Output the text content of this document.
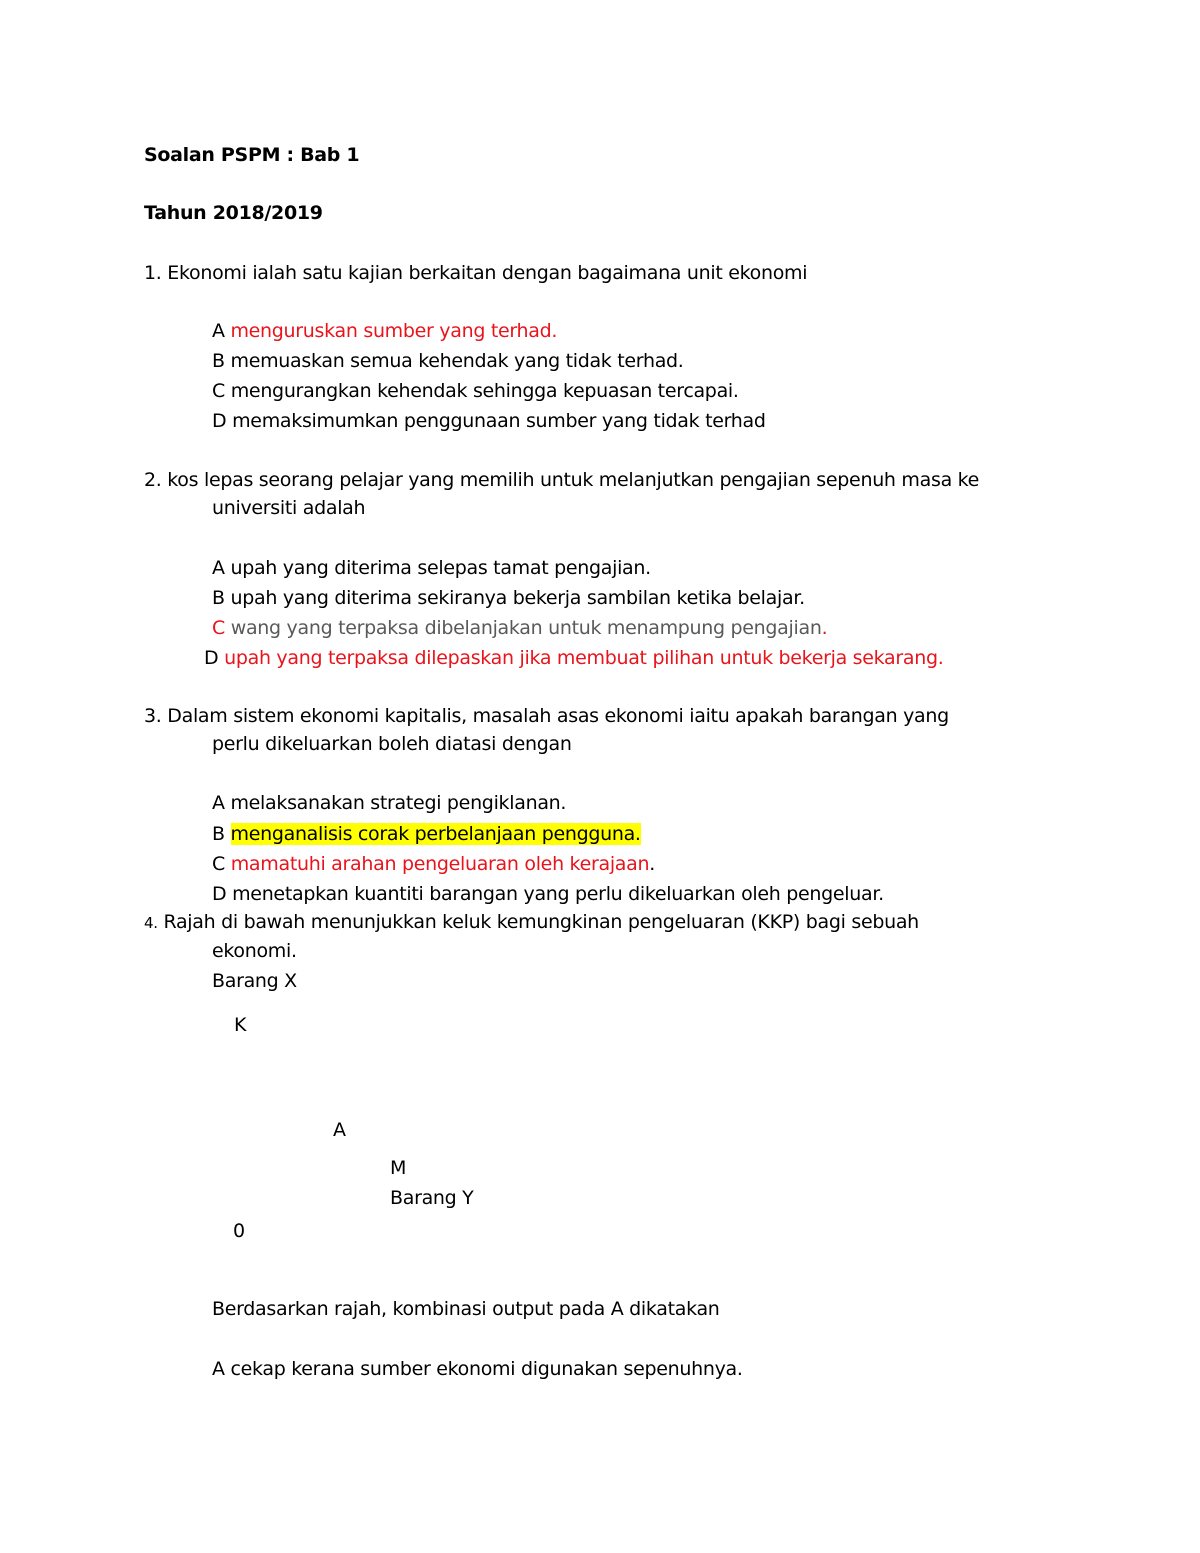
Soalan PSPM : Bab 1
Tahun 2018/2019
1. Ekonomi ialah satu kajian berkaitan dengan bagaimana unit ekonomi
A menguruskan sumber yang terhad.
B memuaskan semua kehendak yang tidak terhad.
C mengurangkan kehendak sehingga kepuasan tercapai.
D memaksimumkan penggunaan sumber yang tidak terhad
2. kos lepas seorang pelajar yang memilih untuk melanjutkan pengajian sepenuh masa ke
universiti adalah
A upah yang diterima selepas tamat pengajian.
B upah yang diterima sekiranya bekerja sambilan ketika belajar.
C wang yang terpaksa dibelanjakan untuk menampung pengajian.
D upah yang terpaksa dilepaskan jika membuat pilihan untuk bekerja sekarang.
3. Dalam sistem ekonomi kapitalis, masalah asas ekonomi iaitu apakah barangan yang
perlu dikeluarkan boleh diatasi dengan
A melaksanakan strategi pengiklanan.
B menganalisis corak perbelanjaan pengguna.
C mamatuhi arahan pengeluaran oleh kerajaan.
D menetapkan kuantiti barangan yang perlu dikeluarkan oleh pengeluar.
4. Rajah di bawah menunjukkan keluk kemungkinan pengeluaran (KKP) bagi sebuah
ekonomi.
Barang X
K
A
M
Barang Y
0
Berdasarkan rajah, kombinasi output pada A dikatakan
A cekap kerana sumber ekonomi digunakan sepenuhnya.
